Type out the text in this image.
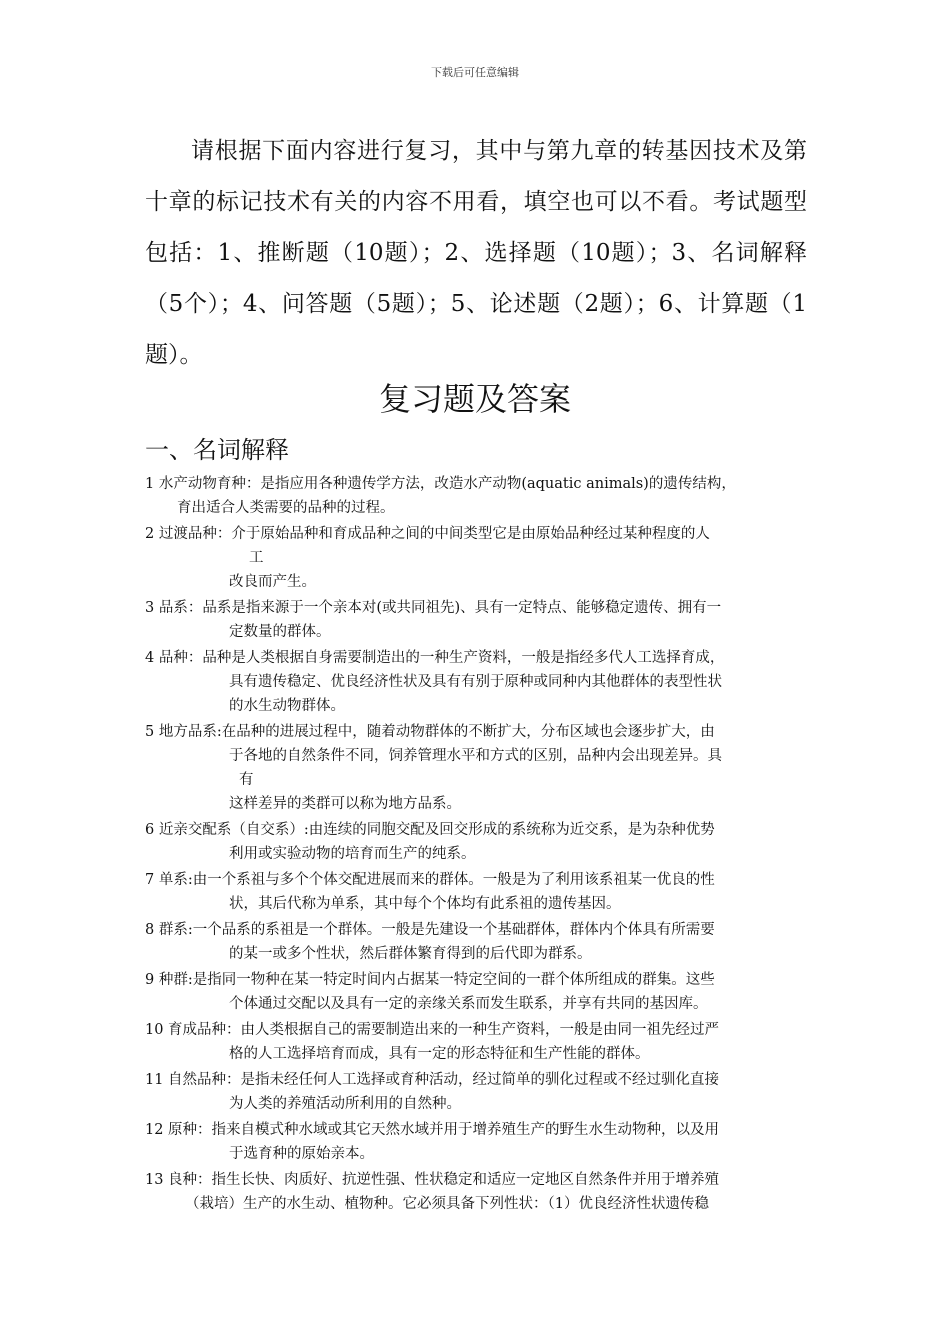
下载后可任意编辑

请根据下面内容进行复习，其中与第九章的转基因技术及第十章的标记技术有关的内容不用看，填空也可以不看。考试题型包括：1、推断题（10题）；2、选择题（10题）；3、名词解释（5个）；4、问答题（5题）；5、论述题（2题）；6、计算题（1题）。

复习题及答案
一、名词解释
1 水产动物育种：是指应用各种遗传学方法，改造水产动物(aquatic animals)的遗传结构，
育出适合人类需要的品种的过程。
2 过渡品种：介于原始品种和育成品种之间的中间类型它是由原始品种经过某种程度的人
工
改良而产生。
3 品系：品系是指来源于一个亲本对(或共同祖先)、具有一定特点、能够稳定遗传、拥有一
定数量的群体。
4 品种：品种是人类根据自身需要制造出的一种生产资料，一般是指经多代人工选择育成，
具有遗传稳定、优良经济性状及具有有别于原种或同种内其他群体的表型性状
的水生动物群体。
5 地方品系:在品种的进展过程中，随着动物群体的不断扩大，分布区域也会逐步扩大，由
于各地的自然条件不同，饲养管理水平和方式的区别，品种内会出现差异。具
有
这样差异的类群可以称为地方品系。
6 近亲交配系（自交系）:由连续的同胞交配及回交形成的系统称为近交系，是为杂种优势
利用或实验动物的培育而生产的纯系。
7 单系:由一个系祖与多个个体交配进展而来的群体。一般是为了利用该系祖某一优良的性
状，其后代称为单系，其中每个个体均有此系祖的遗传基因。
8 群系:一个品系的系祖是一个群体。一般是先建设一个基础群体，群体内个体具有所需要
的某一或多个性状，然后群体繁育得到的后代即为群系。
9 种群:是指同一物种在某一特定时间内占据某一特定空间的一群个体所组成的群集。这些
个体通过交配以及具有一定的亲缘关系而发生联系，并享有共同的基因库。
10 育成品种：由人类根据自己的需要制造出来的一种生产资料，一般是由同一祖先经过严
格的人工选择培育而成，具有一定的形态特征和生产性能的群体。
11 自然品种：是指未经任何人工选择或育种活动，经过简单的驯化过程或不经过驯化直接
为人类的养殖活动所利用的自然种。
12 原种：指来自模式种水域或其它天然水域并用于增养殖生产的野生水生动物种，以及用
于选育种的原始亲本。
13 良种：指生长快、肉质好、抗逆性强、性状稳定和适应一定地区自然条件并用于增养殖
（栽培）生产的水生动、植物种。它必须具备下列性状：（1）优良经济性状遗传稳
